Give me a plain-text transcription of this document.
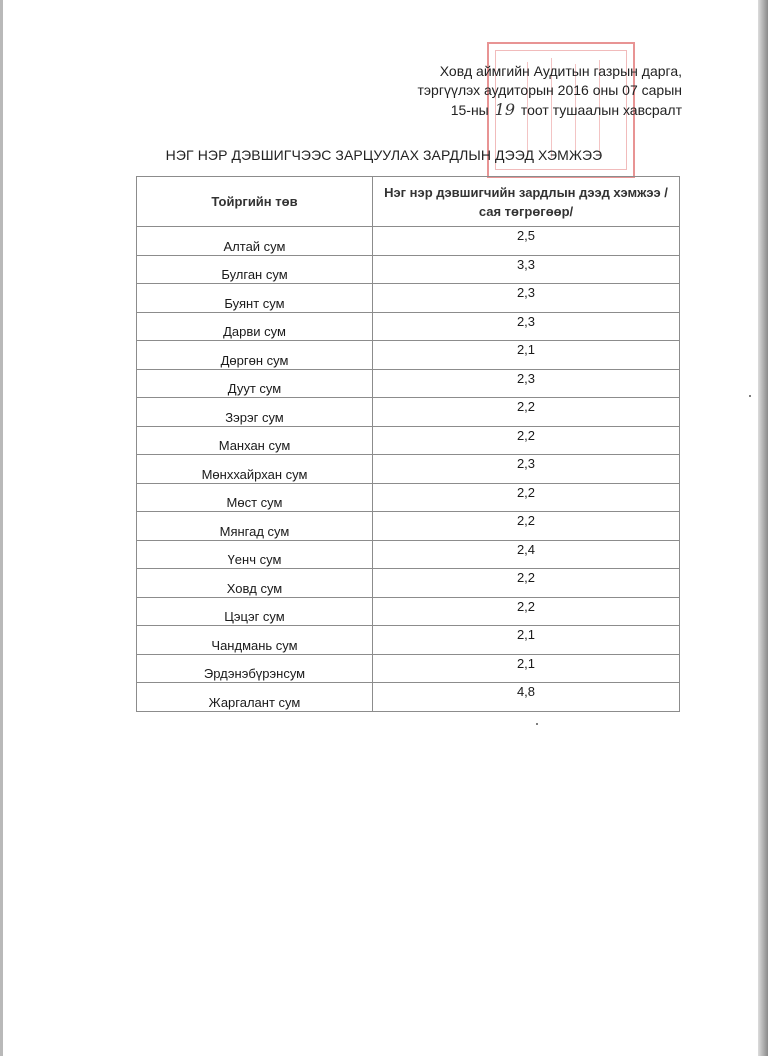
Ховд аймгийн Аудитын газрын дарга,
тэргүүлэх аудиторын 2016 оны 07 сарын
15-ны 19 тоот тушаалын хавсралт
НЭГ НЭР ДЭВШИГЧЭЭС ЗАРЦУУЛАХ ЗАРДЛЫН ДЭЭД ХЭМЖЭЭ
Тойргийн төв	Нэг нэр дэвшигчийн зардлын дээд хэмжээ /сая төгрөгөөр/
Алтай сум	2,5
Булган сум	3,3
Буянт сум	2,3
Дарви сум	2,3
Дөргөн сум	2,1
Дуут сум	2,3
Зэрэг сум	2,2
Манхан сум	2,2
Мөнххайрхан сум	2,3
Мөст сум	2,2
Мянгад сум	2,2
Үенч сум	2,4
Ховд сум	2,2
Цэцэг сум	2,2
Чандмань сум	2,1
Эрдэнэбүрэнсум	2,1
Жаргалант сум	4,8
